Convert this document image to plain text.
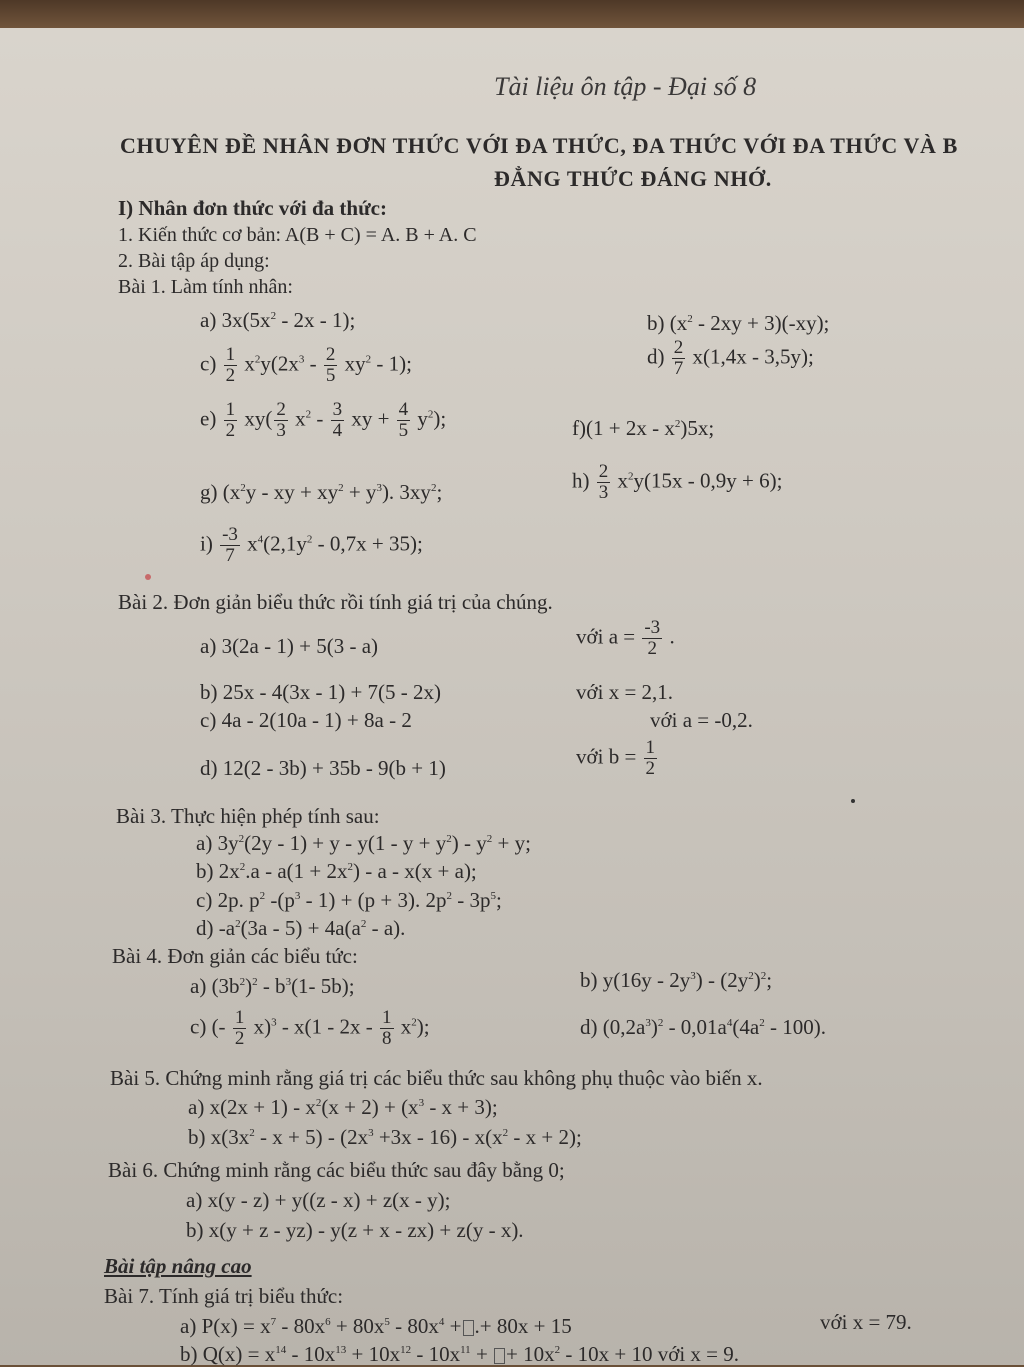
Tài liệu ôn tập - Đại số 8
CHUYÊN ĐỀ NHÂN ĐƠN THỨC VỚI ĐA THỨC, ĐA THỨC VỚI ĐA THỨC VÀ B
ĐẲNG THỨC ĐÁNG NHỚ.
I) Nhân đơn thức với đa thức:
1. Kiến thức cơ bản: A(B + C) = A. B + A. C
2. Bài tập áp dụng:
Bài 1. Làm tính nhân:
a) $3x(5x^2 - 2x - 1)$;	b) $(x^2 - 2xy + 3)(-xy)$;
$c) \frac{1}{2} x^2y(2x^3 - \frac{2}{5} xy^2 - 1)$;	$d) \frac{2}{7} x(1,4x - 3,5y)$;
$e) \frac{1}{2} xy( \frac{2}{3} x^2 - \frac{3}{4}$ xy + $\frac{4}{5} y^2$);	$f)(1 + 2x - x^2)5x$;
g) ($x^2y$ - xy + $xy^2 + y^3$). $3xy^2$;	$h) \frac{2}{3} x^2y(15x - 0,9y + 6)$;
$i) \frac{-3}{7} x^4(2,1y^2 - 0,7x + 35)$;
Bài 2. Đơn giản biểu thức rồi tính giá trị của chúng.
a) 3(2a - 1) + 5(3 - a)	với $a = \frac{-3}{2}$ .
b) 25x - 4(3x - 1) + 7(5 - 2x)	với x = 2,1.
c) 4a - 2(10a - 1) + 8a - 2	với a = -0,2.
d) 12(2 - 3b) + 35b - 9(b + 1)	với $b = \frac{1}{2}$
Bài 3. Thực hiện phép tính sau:
a) $3y^2(2y - 1) + y - y(1 - y + y^2) - y^2 + y$;
b) $2x^2.a - a(1 + 2x^2) - a - x(x + a)$;
c) 2p. $p^2$ $-(p^3 - 1) + (p + 3)$. $2p^2 - 3p^5$;
d) $-a^2(3a - 5) + 4a(a^2 - a)$.
Bài 4. Đơn giản các biểu tức:
a) $(3b^2)^2 - b^3(1-$ 5b);	b) $y(16y - 2y^3) - (2y^2)^2$;
c) (- $\frac{1}{2} x)^3 - x(1 - 2x - \frac{1}{8} x^2)$;	d) $(0,2a^3)^2 - 0,01a^4(4a^2 - 100)$.
Bài 5. Chứng minh rằng giá trị các biểu thức sau không phụ thuộc vào biến x.
a) $x(2x + 1) - x^2(x + 2) + (x^3 - x + 3)$;
b) $x(3x^2 - x + 5) - (2x^3 +3x - 16) - x(x^2 - x + 2)$;
Bài 6. Chứng minh rằng các biểu thức sau đây bằng 0;
a) x(y - z) + y((z - x) + z(x - y);
b) x(y + z - yz) - y(z + x - zx) + z(y - x).
Bài tập nâng cao
Bài 7. Tính giá trị biểu thức:
a) $P(x) = x^7 - 80x^6 + 80x^5 - 80x^4$ + .+ 80x + 15	với x = 79.
b) $Q(x) = x^{14} - 10x^{13} + 10x^{12} - 10x^{11}$ + + $10x^2 - 10x + 10$ với x = 9.
